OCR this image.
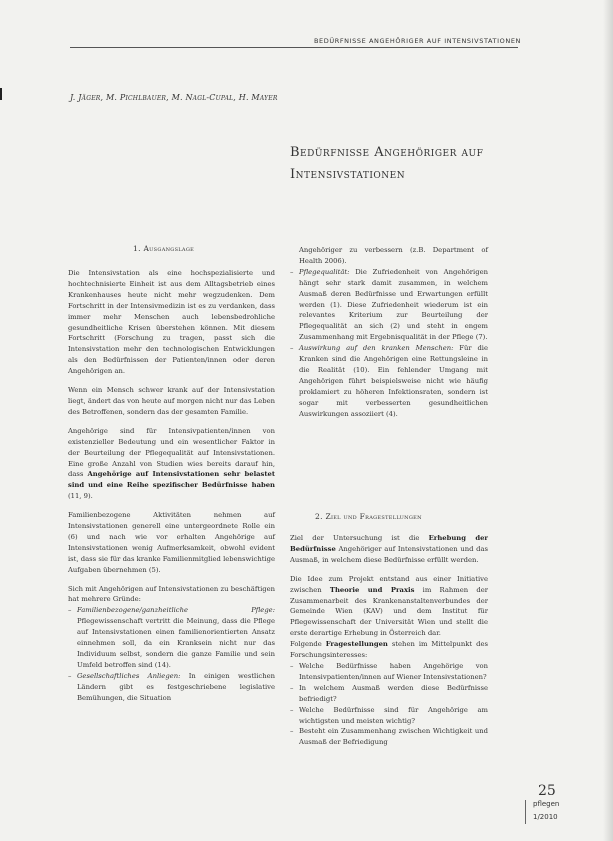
BEDÜRFNISSE ANGEHÖRIGER AUF INTENSIVSTATIONEN
J. Jäger, M. Pichlbauer, M. Nagl-Cupal, H. Mayer
Bedürfnisse Angehöriger auf Intensivstationen
1. Ausgangslage

Die Intensivstation als eine hochspezialisierte und hochtechnisierte Einheit ist aus dem Alltagsbetrieb eines Krankenhauses heute nicht mehr wegzudenken. Dem Fortschritt in der Intensivmedizin ist es zu verdanken, dass immer mehr Menschen auch lebensbedrohliche gesundheitliche Krisen überstehen können. Mit diesem Fortschritt (Forschung zu tragen, passt sich die Intensivstation mehr den technologischen Entwicklungen als den Bedürfnissen der Patienten/innen oder deren Angehörigen an.

Wenn ein Mensch schwer krank auf der Intensivstation liegt, ändert das von heute auf morgen nicht nur das Leben des Betroffenen, sondern das der gesamten Familie.

Angehörige sind für Intensivpatienten/innen von existenzieller Bedeutung und ein wesentlicher Faktor in der Beurteilung der Pflegequalität auf Intensivstationen. Eine große Anzahl von Studien wies bereits darauf hin, dass Angehörige auf Intensivstationen sehr belastet sind und eine Reihe spezifischer Bedürfnisse haben (11, 9).

Familienbezogene Aktivitäten nehmen auf Intensivstationen generell eine untergeordnete Rolle ein (6) und nach wie vor erhalten Angehörige auf Intensivstationen wenig Aufmerksamkeit, obwohl evident ist, dass sie für das kranke Familienmitglied lebenswichtige Aufgaben übernehmen (5).

Sich mit Angehörigen auf Intensivstationen zu beschäftigen hat mehrere Gründe:

– Familienbezogene/ganzheitliche Pflege: Pflegewissenschaft vertritt die Meinung, dass die Pflege auf Intensivstationen einen familienorientierten Ansatz einnehmen soll, da ein Kranksein nicht nur das Individuum selbst, sondern die ganze Familie und sein Umfeld betroffen sind (14).
– Gesellschaftliches Anliegen: In einigen westlichen Ländern gibt es festgeschriebene legislative Bemühungen, die Situation

Angehöriger zu verbessern (z.B. Department of Health 2006).

– Pflegequalität: Die Zufriedenheit von Angehörigen hängt sehr stark damit zusammen, in welchem Ausmaß deren Bedürfnisse und Erwartungen erfüllt werden (1). Diese Zufriedenheit wiederum ist ein relevantes Kriterium zur Beurteilung der Pflegequalität an sich (2) und steht in engem Zusammenhang mit Ergebnisqualität in der Pflege (7).
– Auswirkung auf den kranken Menschen: Für die Kranken sind die Angehörigen eine Rettungsleine in die Realität (10). Ein fehlender Umgang mit Angehörigen führt beispielsweise nicht wie häufig proklamiert zu höheren Infektionsraten, sondern ist sogar mit verbesserten gesundheitlichen Auswirkungen assoziiert (4).
2. Ziel und Fragestellungen

Ziel der Untersuchung ist die Erhebung der Bedürfnisse Angehöriger auf Intensivstationen und das Ausmaß, in welchem diese Bedürfnisse erfüllt werden.

Die Idee zum Projekt entstand aus einer Initiative zwischen Theorie und Praxis im Rahmen der Zusammenarbeit des Krankenanstaltenverbundes der Gemeinde Wien (KAV) und dem Institut für Pflegewissenschaft der Universität Wien und stellt die erste derartige Erhebung in Österreich dar.

Folgende Fragestellungen stehen im Mittelpunkt des Forschungsinteresses:

– Welche Bedürfnisse haben Angehörige von Intensivpatienten/innen auf Wiener Intensivstationen?
– In welchem Ausmaß werden diese Bedürfnisse befriedigt?
– Welche Bedürfnisse sind für Angehörige am wichtigsten und meisten wichtig?
– Besteht ein Zusammenhang zwischen Wichtigkeit und Ausmaß der Befriedigung
25
pflegen
1/2010
